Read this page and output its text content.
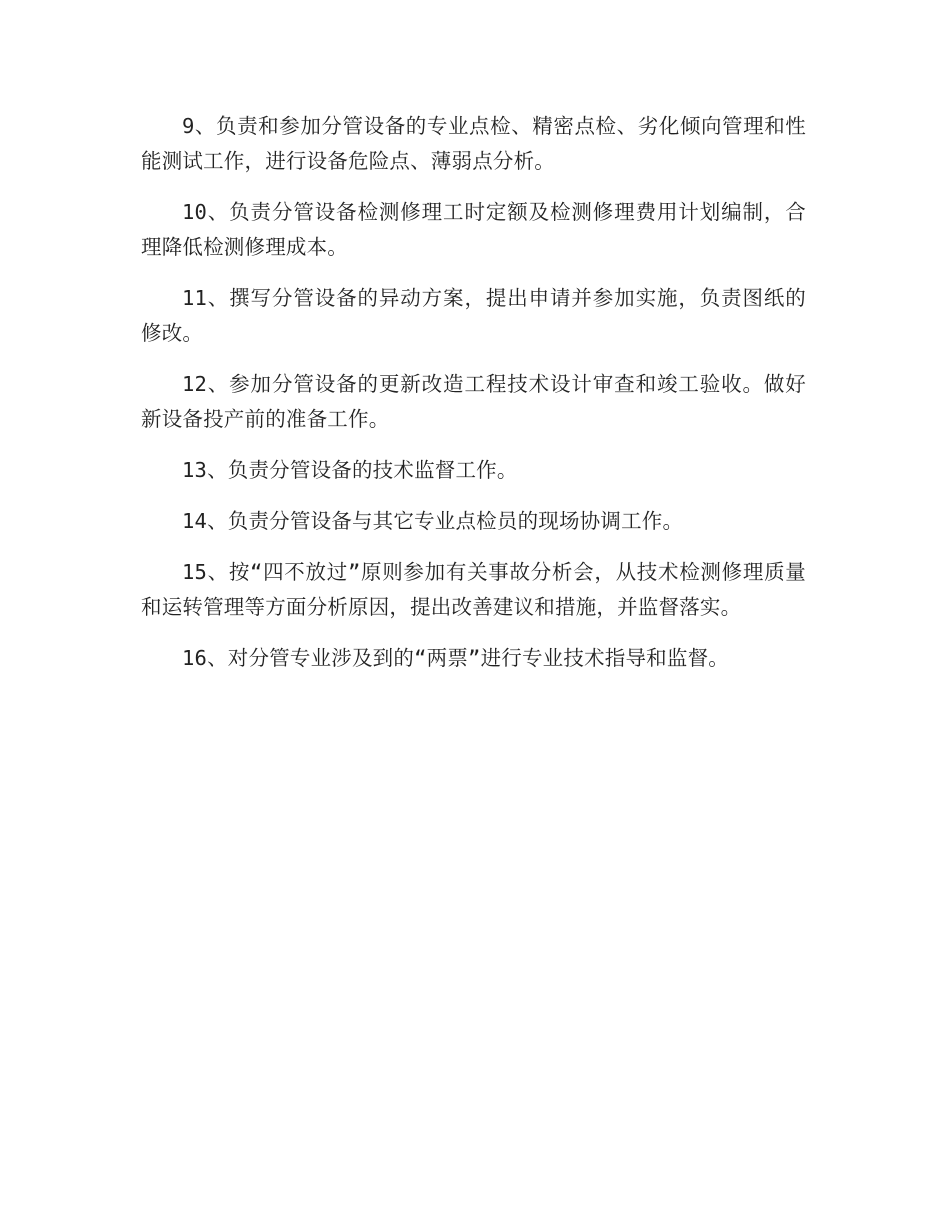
9、负责和参加分管设备的专业点检、精密点检、劣化倾向管理和性能测试工作，进行设备危险点、薄弱点分析。

10、负责分管设备检测修理工时定额及检测修理费用计划编制，合理降低检测修理成本。

11、撰写分管设备的异动方案，提出申请并参加实施，负责图纸的修改。

12、参加分管设备的更新改造工程技术设计审查和竣工验收。做好新设备投产前的准备工作。

13、负责分管设备的技术监督工作。

14、负责分管设备与其它专业点检员的现场协调工作。

15、按“四不放过”原则参加有关事故分析会，从技术检测修理质量和运转管理等方面分析原因，提出改善建议和措施，并监督落实。

16、对分管专业涉及到的“两票”进行专业技术指导和监督。
